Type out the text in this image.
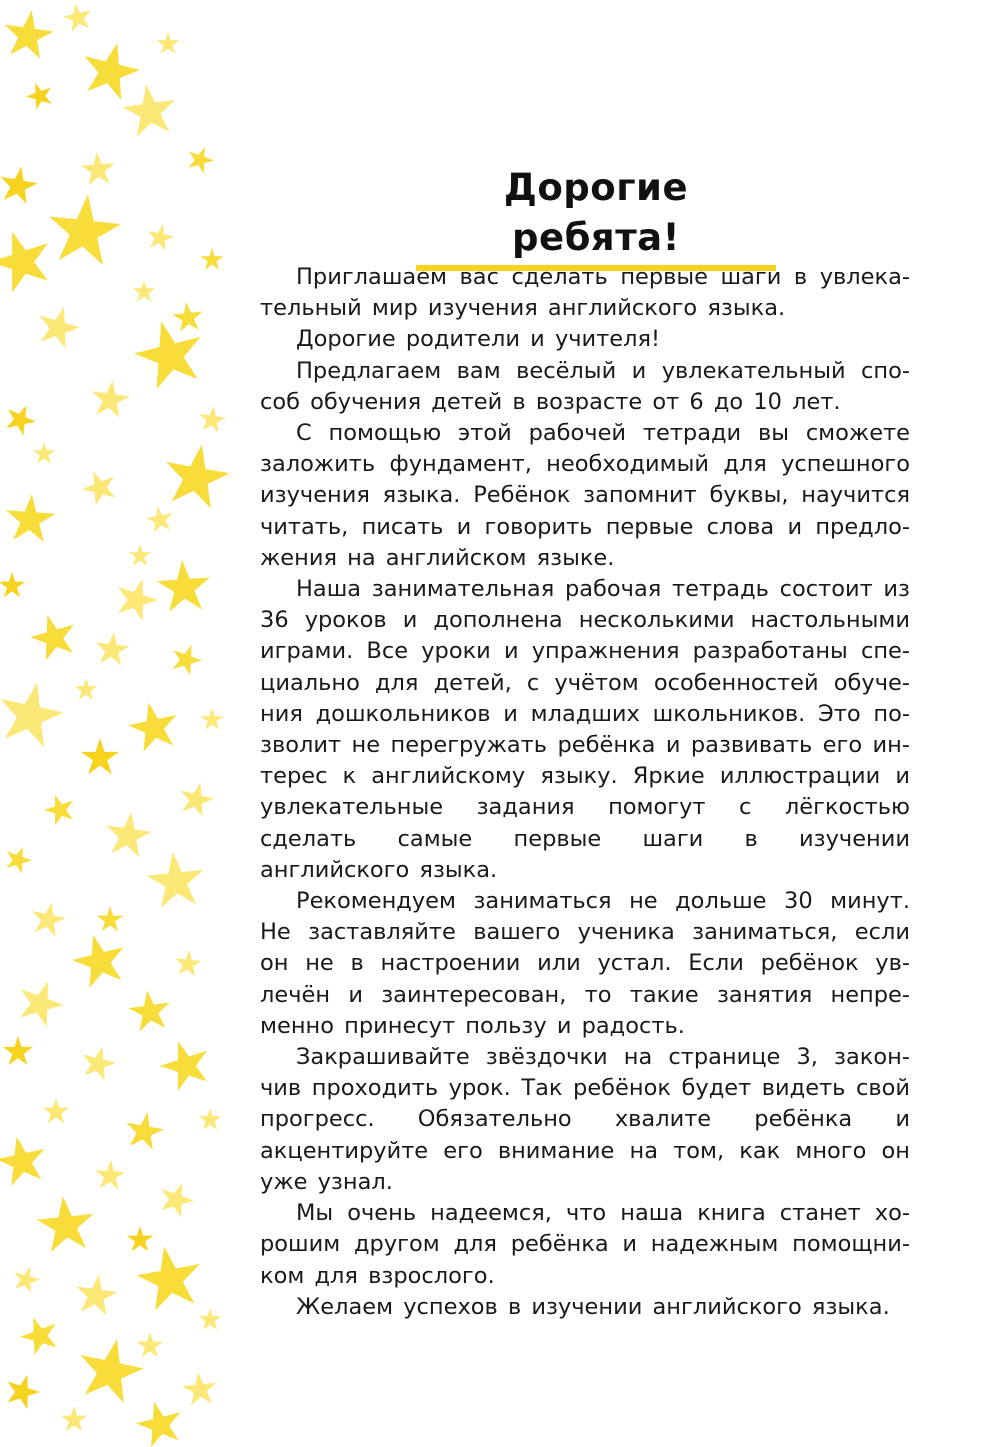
Дорогие ребята!

Приглашаем вас сделать первые шаги в увлекательный мир изучения английского языка.

Дорогие родители и учителя!

Предлагаем вам весёлый и увлекательный способ обучения детей в возрасте от 6 до 10 лет.

С помощью этой рабочей тетради вы сможете заложить фундамент, необходимый для успешного изучения языка. Ребёнок запомнит буквы, научится читать, писать и говорить первые слова и предложения на английском языке.

Наша занимательная рабочая тетрадь состоит из 36 уроков и дополнена несколькими настольными играми. Все уроки и упражнения разработаны специально для детей, с учётом особенностей обучения дошкольников и младших школьников. Это позволит не перегружать ребёнка и развивать его интерес к английскому языку. Яркие иллюстрации и увлекательные задания помогут с лёгкостью сделать самые первые шаги в изучении английского языка.

Рекомендуем заниматься не дольше 30 минут. Не заставляйте вашего ученика заниматься, если он не в настроении или устал. Если ребёнок увлечён и заинтересован, то такие занятия непременно принесут пользу и радость.

Закрашивайте звёздочки на странице 3, закончив проходить урок. Так ребёнок будет видеть свой прогресс. Обязательно хвалите ребёнка и акцентируйте его внимание на том, как много он уже узнал.

Мы очень надеемся, что наша книга станет хорошим другом для ребёнка и надежным помощником для взрослого.

Желаем успехов в изучении английского языка.
